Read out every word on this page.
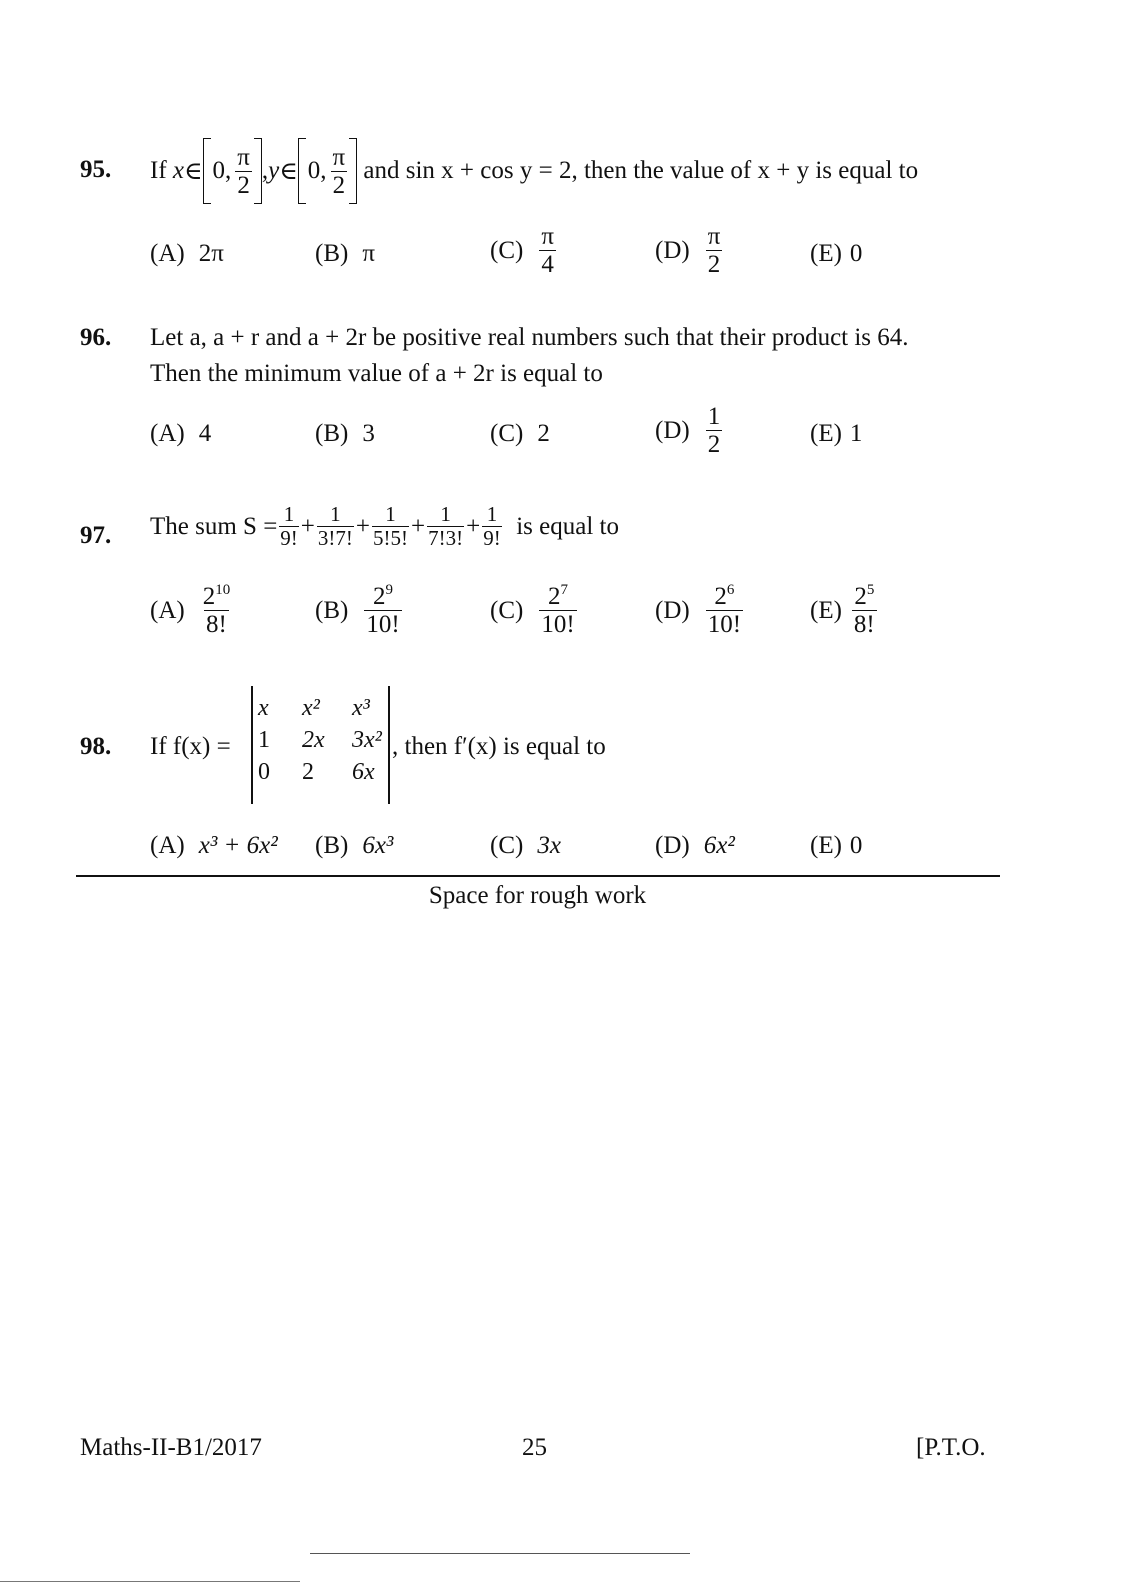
95. If
x ∈ 0, $\frac{\pi}{2}$ , y ∈ 0, $\frac{\pi}{2}$
and sin x + cos y = 2, then the value of x + y is equal to
(A) 2π	(B) π	$(C) \frac{\pi}{4}$	$(D) \frac{\pi}{2}$	(E) 0
96. Let a, a + r and a + 2r be positive real numbers such that their product is 64.
Then the minimum value of a + 2r is equal to
(A) 4	(B) 3	(C) 2	$(D) \frac{1}{2}$	(E) 1
97. The sum $S = \frac{1}{9!} + \frac{1}{3!7!} + \frac{1}{5!5!} + \frac{1}{7!3!} + \frac{1}{9!}$
is equal to
$(A) \frac{2^{10}}{8!}$	$(B) \frac{2^9}{10!}$	$(C) \frac{2^7}{10!}$	$(D) \frac{2^6}{10!}$	$(E) \frac{2^5}{8!}$
98. If f(x) =
x	x²	x³
1	2x	3x²
0	2	6x
, then f′(x) is equal to
(A) x³ + 6x² (B) 6x³	(C) 3x	(D) 6x²	(E) 0
Space for rough work
Maths-II-B1/2017	25	[P.T.O.
